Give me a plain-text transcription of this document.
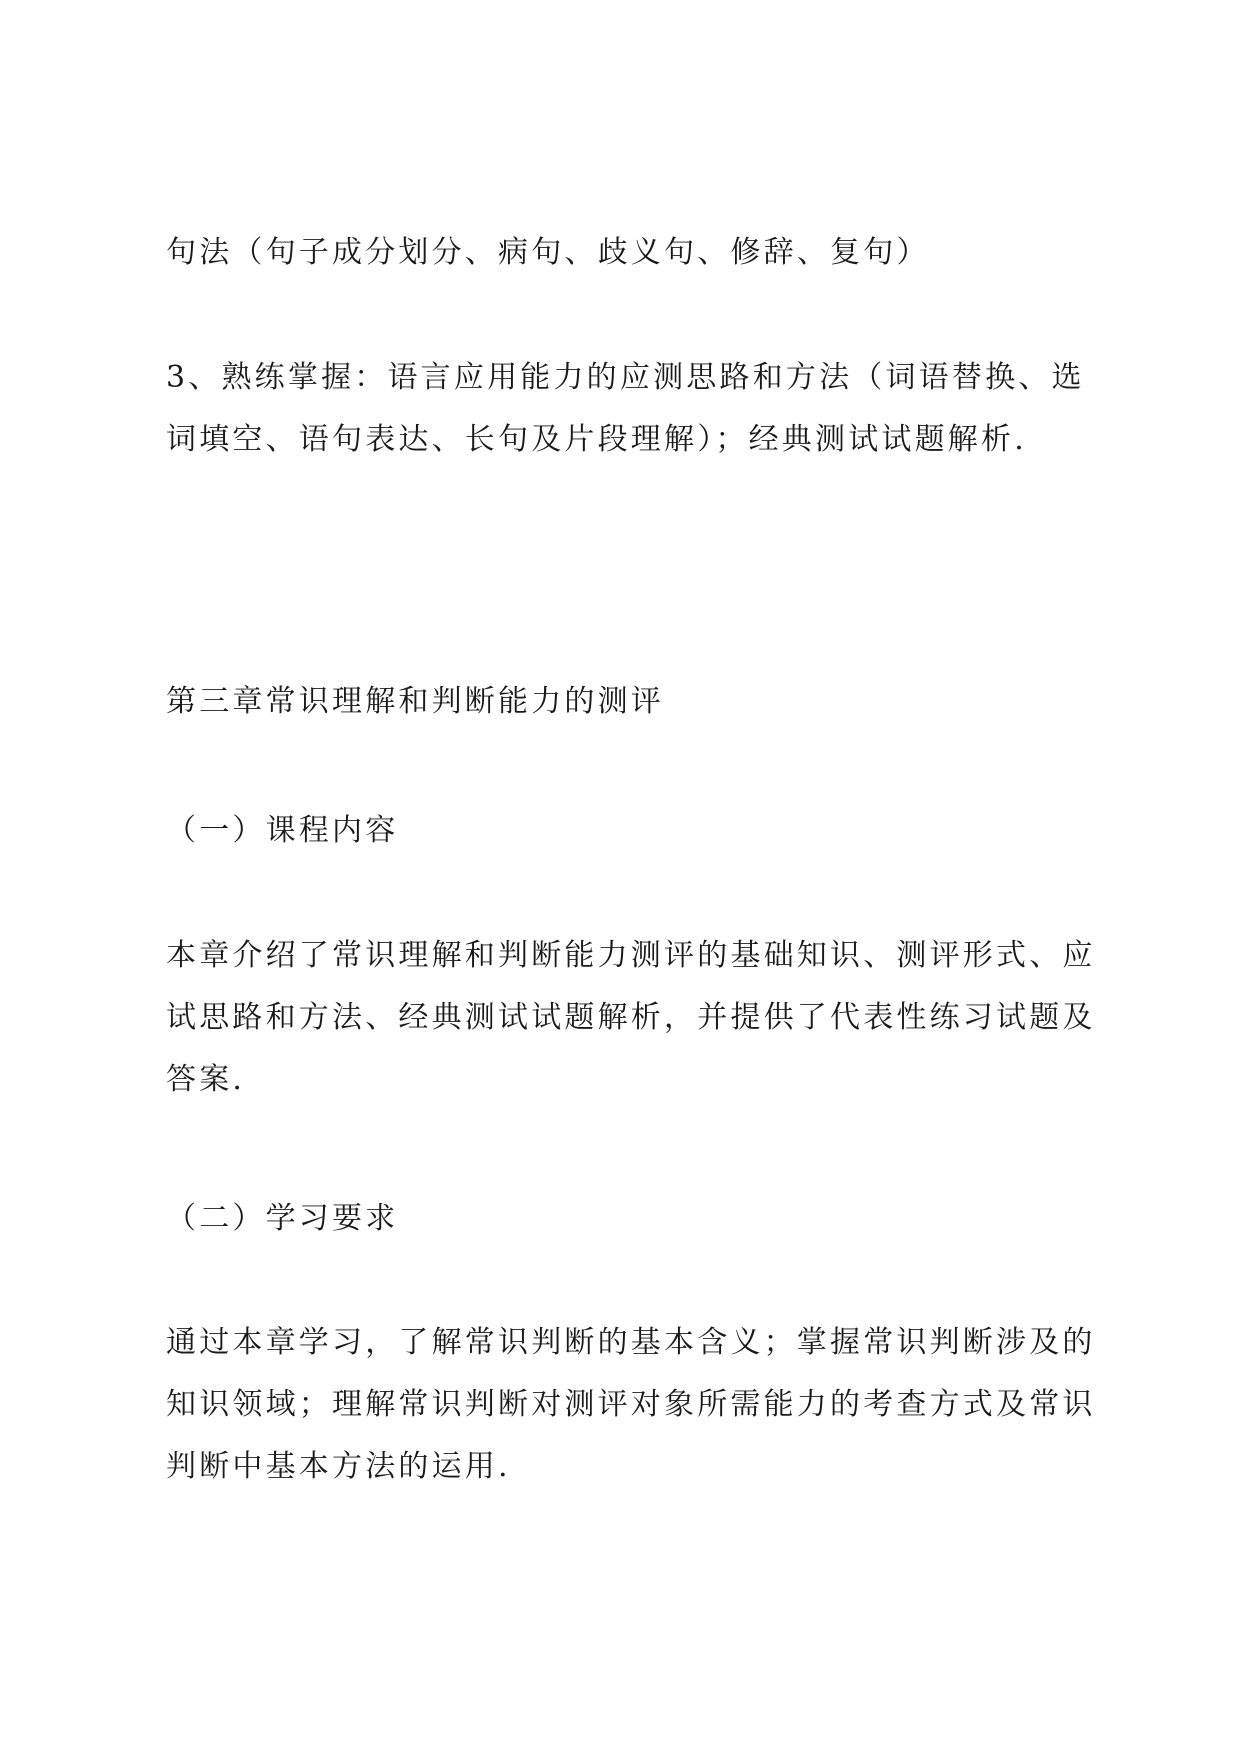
句法（句子成分划分、病句、歧义句、修辞、复句）

3、熟练掌握：语言应用能力的应测思路和方法（词语替换、选
词填空、语句表达、长句及片段理解）；经典测试试题解析.

第三章常识理解和判断能力的测评

（一）课程内容

本章介绍了常识理解和判断能力测评的基础知识、测评形式、应
试思路和方法、经典测试试题解析，并提供了代表性练习试题及
答案.

（二）学习要求

通过本章学习，了解常识判断的基本含义；掌握常识判断涉及的
知识领域；理解常识判断对测评对象所需能力的考查方式及常识
判断中基本方法的运用.
